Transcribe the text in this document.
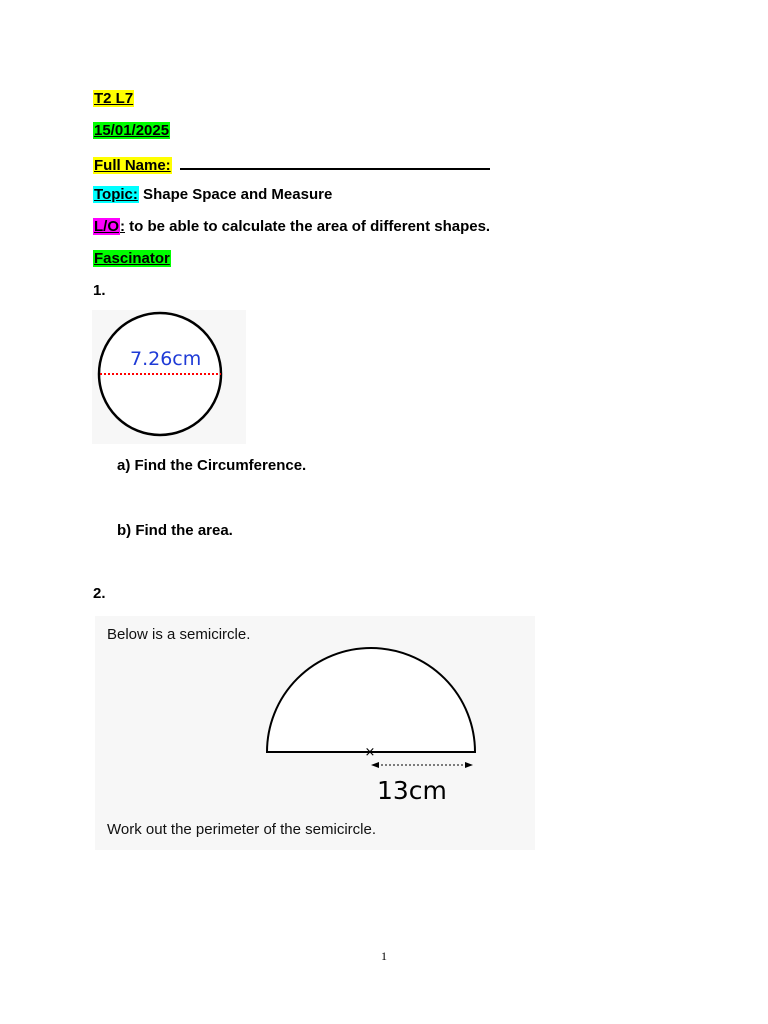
T2 L7
15/01/2025
Full Name:
Topic: Shape Space and Measure
L/O: to be able to calculate the area of different shapes.
Fascinator
1.
7.26cm
a) Find the Circumference.
b) Find the area.
2.
Below is a semicircle.
×
13cm
Work out the perimeter of the semicircle.
1
